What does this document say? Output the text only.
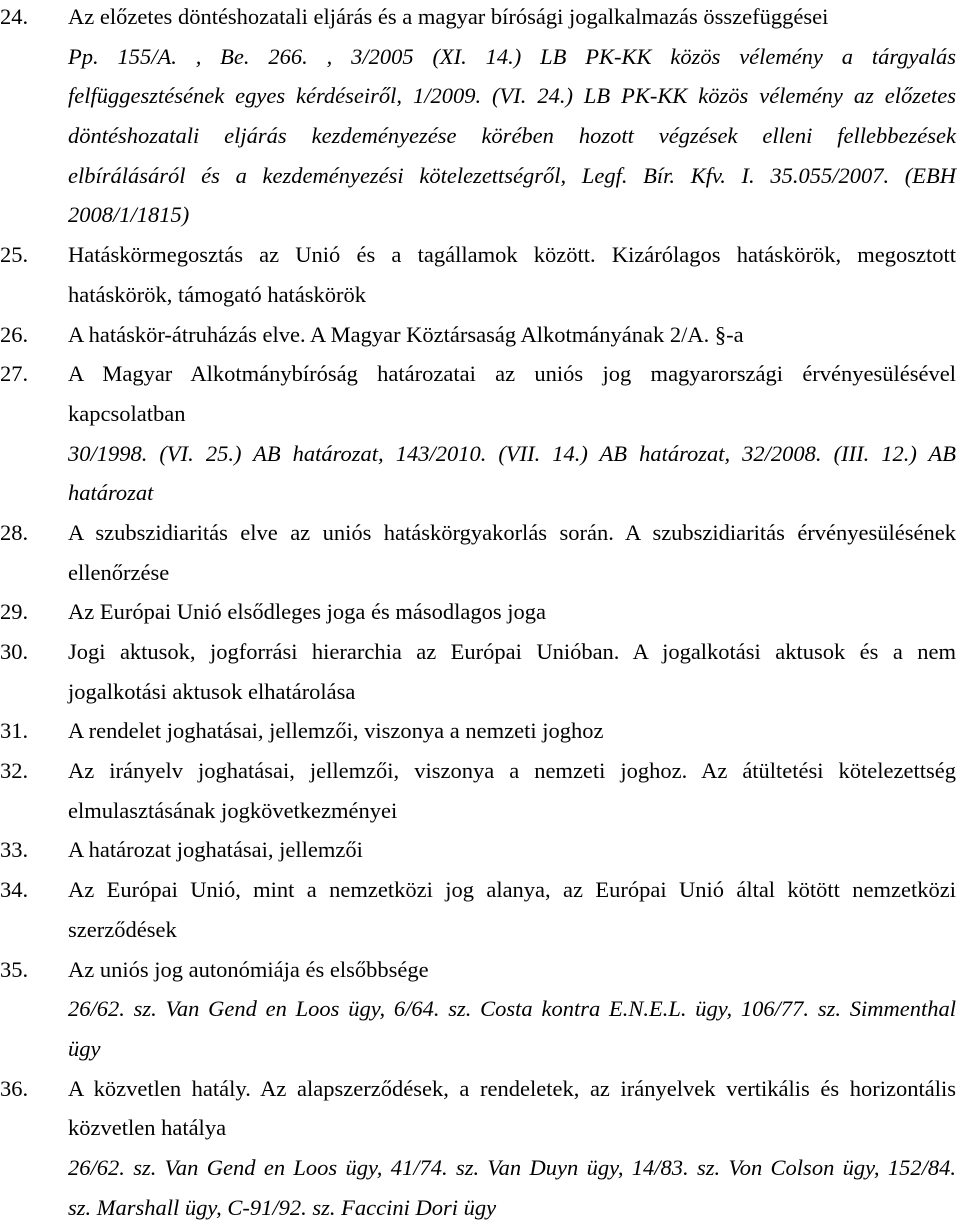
24. Az előzetes döntéshozatali eljárás és a magyar bírósági jogalkalmazás összefüggései
Pp. 155/A. , Be. 266. , 3/2005 (XI. 14.) LB PK-KK közös vélemény a tárgyalás
felfüggesztésének egyes kérdéseiről, 1/2009. (VI. 24.) LB PK-KK közös vélemény az előzetes
döntéshozatali eljárás kezdeményezése körében hozott végzések elleni fellebbezések
elbírálásáról és a kezdeményezési kötelezettségről, Legf. Bír. Kfv. I. 35.055/2007. (EBH
2008/1/1815)
25. Hatáskörmegosztás az Unió és a tagállamok között. Kizárólagos hatáskörök, megosztott
hatáskörök, támogató hatáskörök
26. A hatáskör-átruházás elve. A Magyar Köztársaság Alkotmányának 2/A. §-a
27. A Magyar Alkotmánybíróság határozatai az uniós jog magyarországi érvényesülésével
kapcsolatban
30/1998. (VI. 25.) AB határozat, 143/2010. (VII. 14.) AB határozat, 32/2008. (III. 12.) AB
határozat
28. A szubszidiaritás elve az uniós hatáskörgyakorlás során. A szubszidiaritás érvényesülésének
ellenőrzése
29. Az Európai Unió elsődleges joga és másodlagos joga
30. Jogi aktusok, jogforrási hierarchia az Európai Unióban. A jogalkotási aktusok és a nem
jogalkotási aktusok elhatárolása
31. A rendelet joghatásai, jellemzői, viszonya a nemzeti joghoz
32. Az irányelv joghatásai, jellemzői, viszonya a nemzeti joghoz. Az átültetési kötelezettség
elmulasztásának jogkövetkezményei
33. A határozat joghatásai, jellemzői
34. Az Európai Unió, mint a nemzetközi jog alanya, az Európai Unió által kötött nemzetközi
szerződések
35. Az uniós jog autonómiája és elsőbbsége
26/62. sz. Van Gend en Loos ügy, 6/64. sz. Costa kontra E.N.E.L. ügy, 106/77. sz. Simmenthal
ügy
36. A közvetlen hatály. Az alapszerződések, a rendeletek, az irányelvek vertikális és horizontális
közvetlen hatálya
26/62. sz. Van Gend en Loos ügy, 41/74. sz. Van Duyn ügy, 14/83. sz. Von Colson ügy, 152/84.
sz. Marshall ügy, C-91/92. sz. Faccini Dori ügy
